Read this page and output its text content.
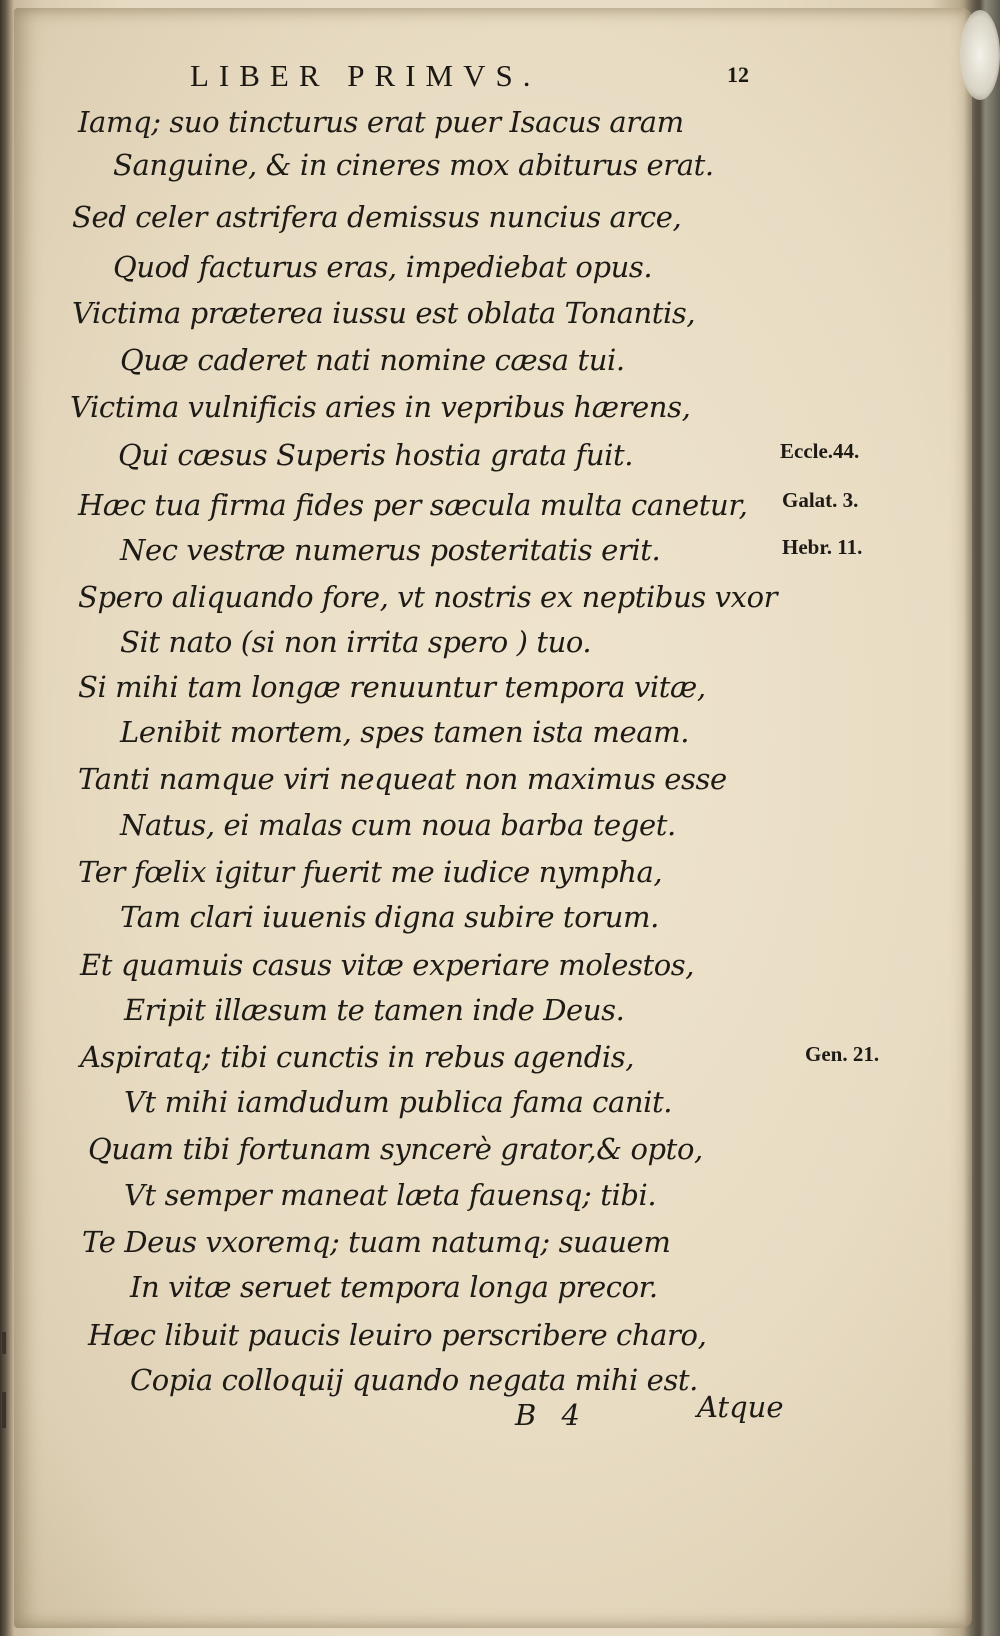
LIBER PRIMVS.	12
Iamq; suo tincturus erat puer Isacus aram
Sanguine, & in cineres mox abiturus erat.
Sed celer astrifera demissus nuncius arce,
Quod facturus eras, impediebat opus.
Victima præterea iussu est oblata Tonantis,
Quæ caderet nati nomine cæsa tui.
Victima vulnificis aries in vepribus hærens,
Qui cæsus Superis hostia grata fuit.
Hæc tua firma fides per sæcula multa canetur,
Nec vestræ numerus posteritatis erit.
Spero aliquando fore, vt nostris ex neptibus vxor
Sit nato (si non irrita spero ) tuo.
Si mihi tam longæ renuuntur tempora vitæ,
Lenibit mortem, spes tamen ista meam.
Tanti namque viri nequeat non maximus esse
Natus, ei malas cum noua barba teget.
Ter fœlix igitur fuerit me iudice nympha,
Tam clari iuuenis digna subire torum.
Et quamuis casus vitæ experiare molestos,
Eripit illæsum te tamen inde Deus.
Aspiratq; tibi cunctis in rebus agendis,
Vt mihi iamdudum publica fama canit.
Quam tibi fortunam syncerè grator,& opto,
Vt semper maneat læta fauensq; tibi.
Te Deus vxoremq; tuam natumq; suauem
In vitæ seruet tempora longa precor.
Hæc libuit paucis leuiro perscribere charo,
Copia colloquij quando negata mihi est.
Eccle.44.
Galat. 3.
Hebr. 11.
Gen. 21.
B 4	Atque
